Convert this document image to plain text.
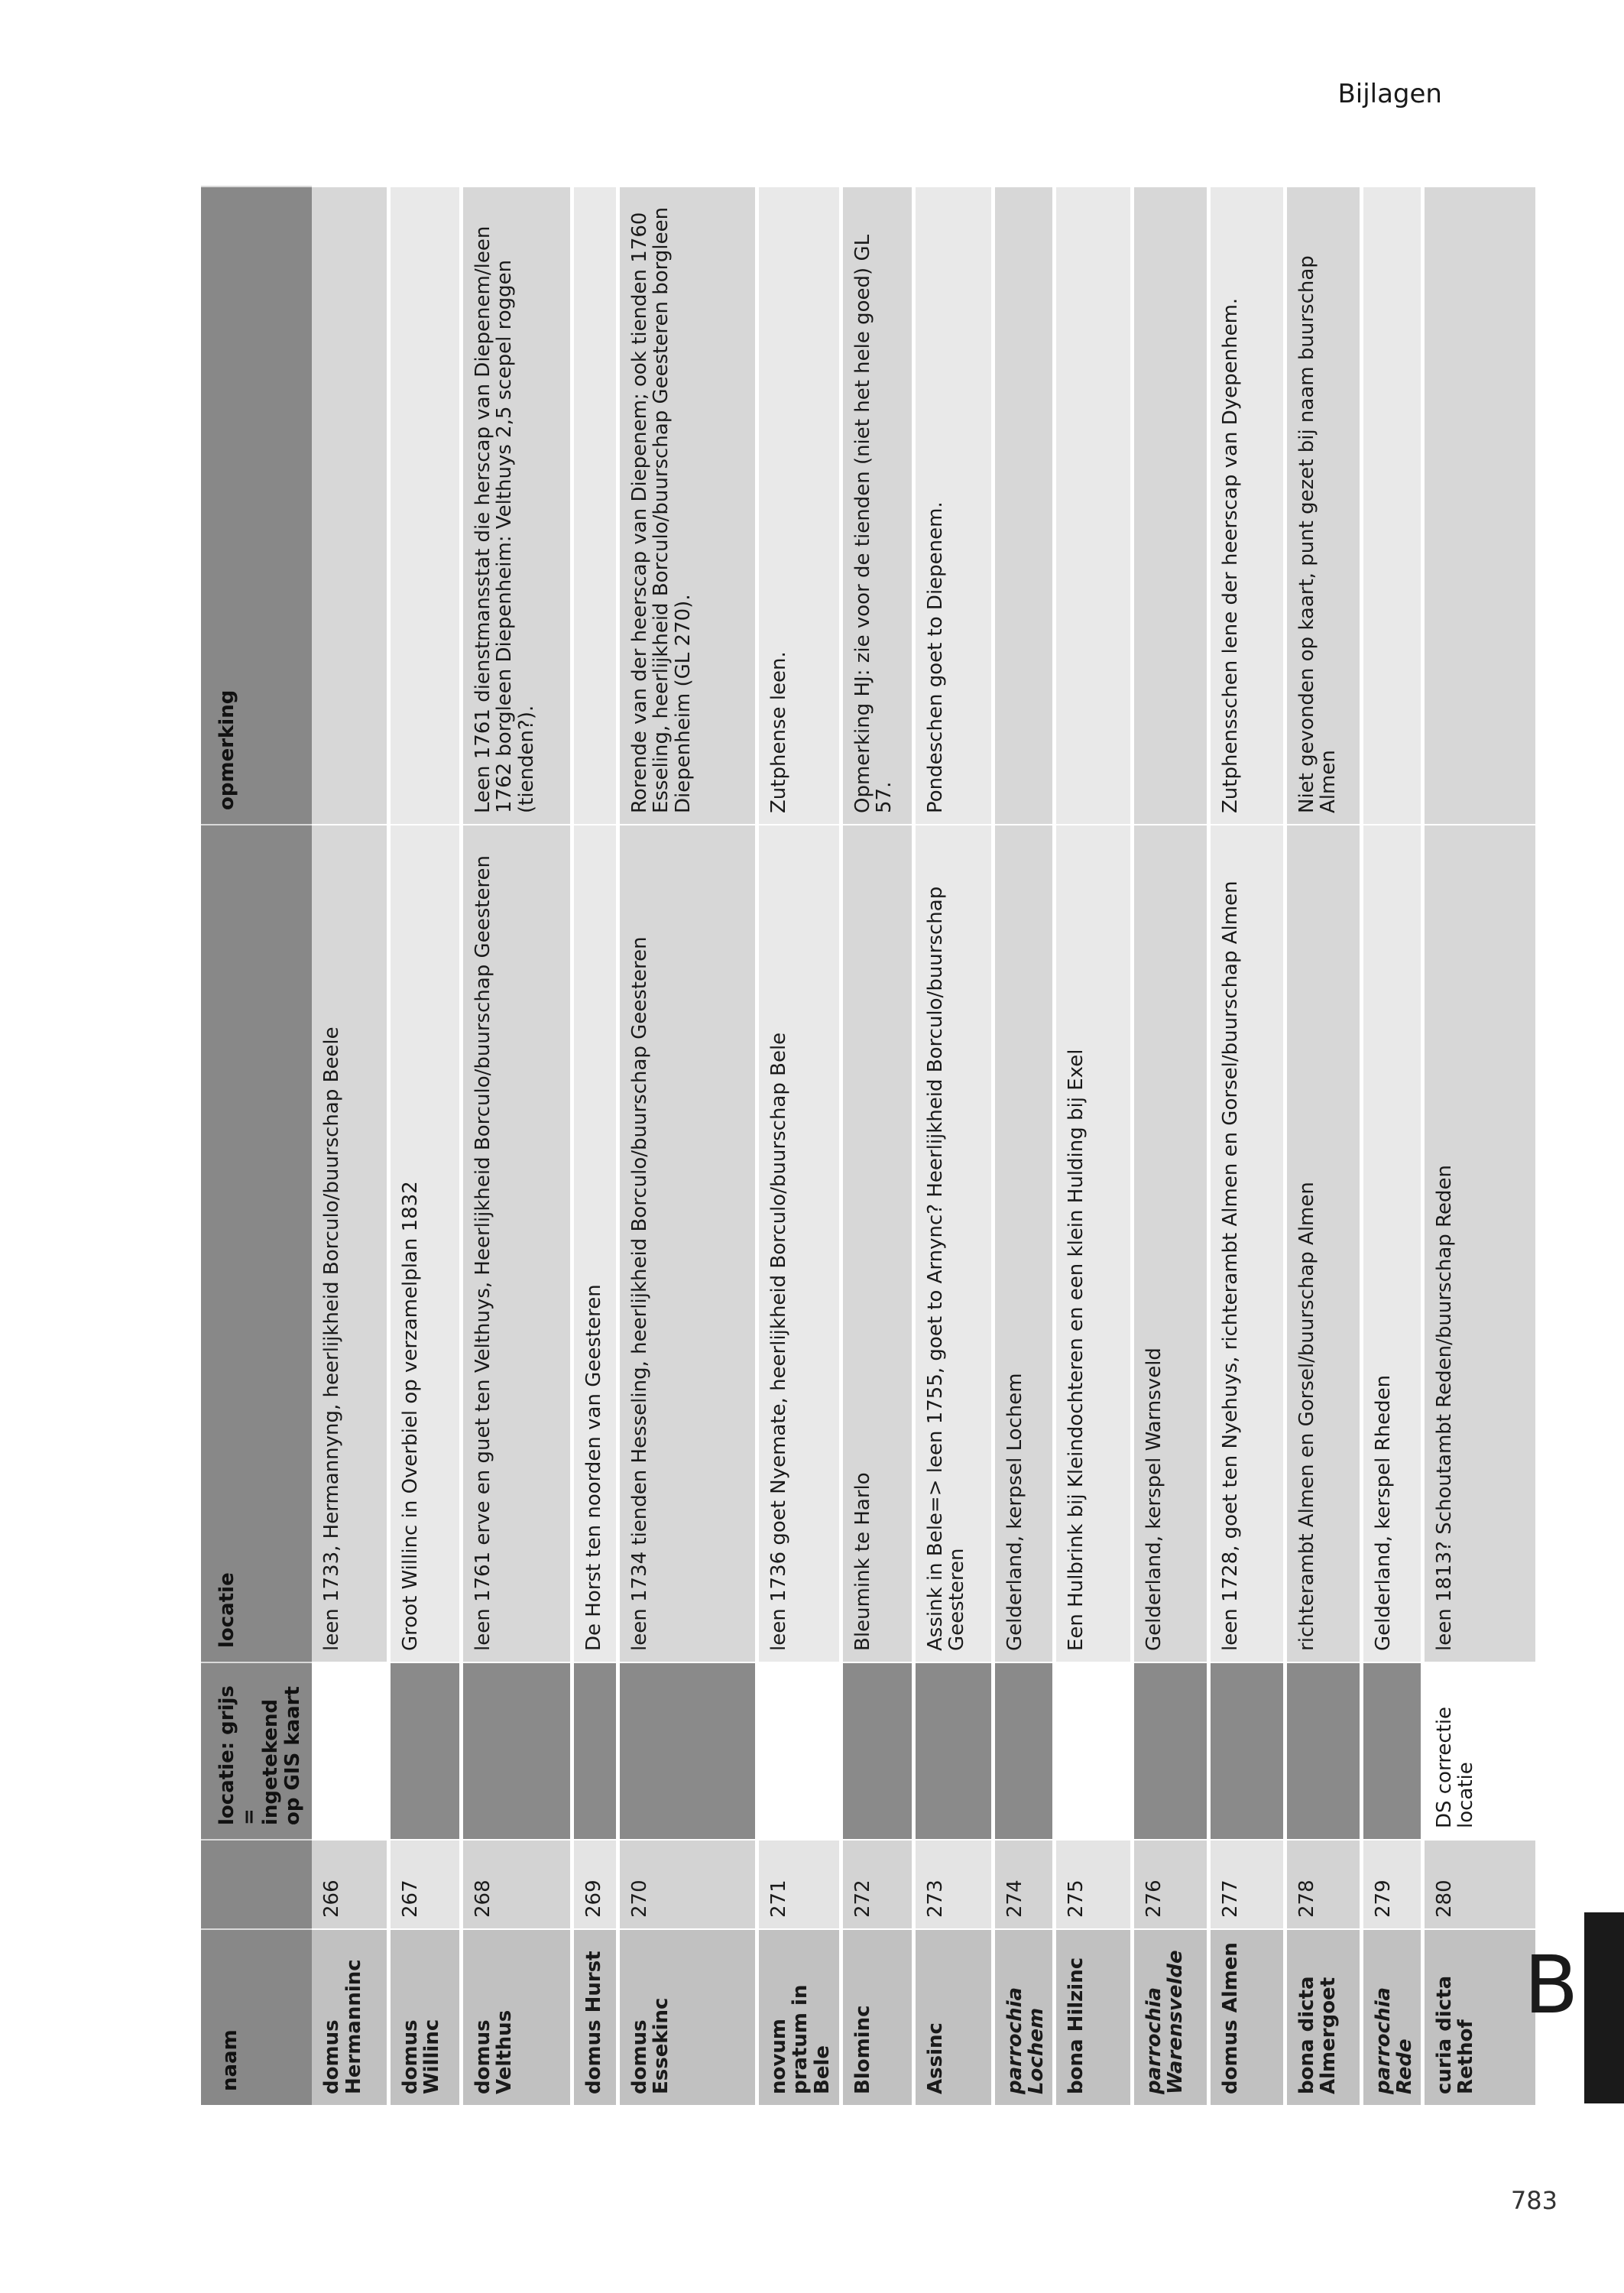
Bijlagen
naam		locatie: grijs = ingetekend op GIS kaart	locatie	opmerking
domus Hermanninc	266		leen 1733, Hermannyng, heerlijkheid Borculo/buurschap Beele	
domus Willinc	267		Groot Willinc in Overbiel op verzamelplan 1832	
domus Velthus	268		leen 1761 erve en guet ten Velthuys, Heerlijkheid Borculo/buurschap Geesteren	Leen 1761 dienstmansstat die herscap van Diepenem/leen 1762 borgleen Diepenheim: Velthuys 2,5 scepel roggen (tienden?).
domus Hurst	269		De Horst ten noorden van Geesteren	
domus Essekinc	270		leen 1734 tienden Hesseling, heerlijkheid Borculo/buurschap Geesteren	Rorende van der heerscap van Diepenem; ook tienden 1760 Esseling, heerlijkheid Borculo/buurschap Geesteren borgleen Diepenheim (GL 270).
novum pratum in Bele	271		leen 1736 goet Nyemate, heerlijkheid Borculo/buurschap Bele	Zutphense leen.
Blominc	272		Bleumink te Harlo	Opmerking HJ: zie voor de tienden (niet het hele goed) GL 57.
Assinc	273		Assink in Bele=> leen 1755, goet to Arnync? Heerlijkheid Borculo/buurschap Geesteren	Pondeschen goet to Diepenem.
parrochia Lochem	274		Gelderland, kerpsel Lochem	
bona Hilzinc	275		Een Hulbrink bij Kleindochteren en een klein Hulding bij Exel	
parrochia Warensvelde	276		Gelderland, kerspel Warnsveld	
domus Almen	277		leen 1728, goet ten Nyehuys, richterambt Almen en Gorsel/buurschap Almen	Zutphensschen lene der heerscap van Dyepenhem.
bona dicta Almergoet	278		richterambt Almen en Gorsel/buurschap Almen	Niet gevonden op kaart, punt gezet bij naam buurschap Almen
parrochia Rede	279		Gelderland, kerspel Rheden	
curia dicta Rethof	280	DS correctie locatie	leen 1813? Schoutambt Reden/buurschap Reden	
B
783
